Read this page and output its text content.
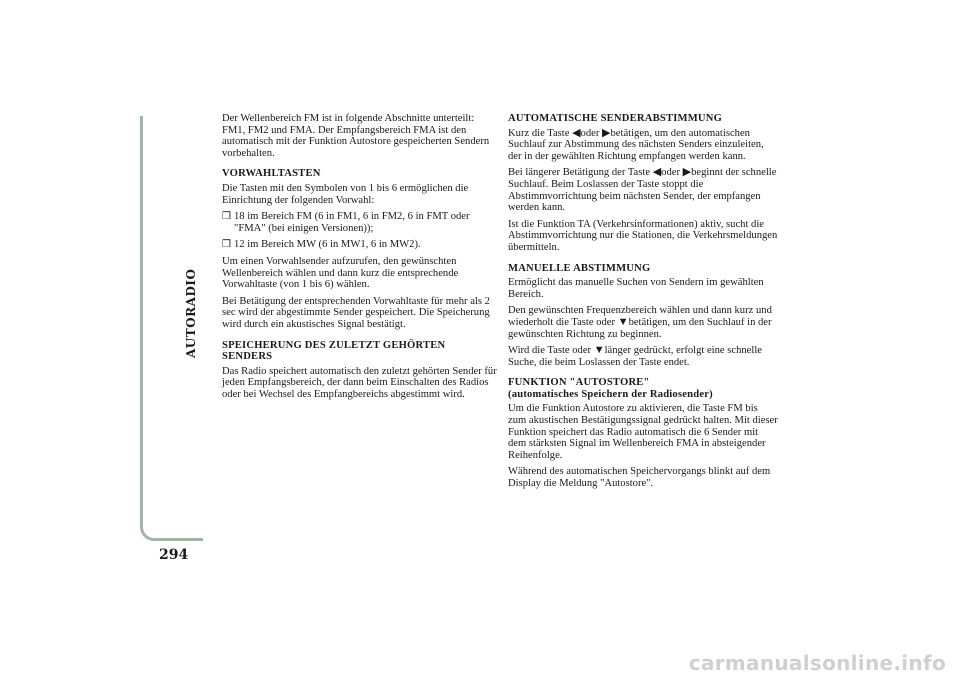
AUTORADIO
294

Der Wellenbereich FM ist in folgende Abschnitte unterteilt: FM1, FM2 und FMA. Der Empfangsbereich FMA ist den automatisch mit der Funktion Autostore gespeicherten Sendern vorbehalten.

VORWAHLTASTEN

Die Tasten mit den Symbolen von 1 bis 6 ermöglichen die Einrichtung der folgenden Vorwahl:

❒ 18 im Bereich FM (6 in FM1, 6 in FM2, 6 in FMT oder "FMA" (bei einigen Versionen));
❒ 12 im Bereich MW (6 in MW1, 6 in MW2).

Um einen Vorwahlsender aufzurufen, den gewünschten Wellenbereich wählen und dann kurz die entsprechende Vorwahltaste (von 1 bis 6) wählen.

Bei Betätigung der entsprechenden Vorwahltaste für mehr als 2 sec wird der abgestimmte Sender gespeichert. Die Speicherung wird durch ein akustisches Signal bestätigt.

SPEICHERUNG DES ZULETZT GEHÖRTEN SENDERS

Das Radio speichert automatisch den zuletzt gehörten Sender für jeden Empfangsbereich, der dann beim Einschalten des Radios oder bei Wechsel des Empfangbereichs abgestimmt wird.

AUTOMATISCHE SENDERABSTIMMUNG

Kurz die Taste ◀oder ▶betätigen, um den automatischen Suchlauf zur Abstimmung des nächsten Senders einzuleiten, der in der gewählten Richtung empfangen werden kann.

Bei längerer Betätigung der Taste ◀oder ▶beginnt der schnelle Suchlauf. Beim Loslassen der Taste stoppt die Abstimmvorrichtung beim nächsten Sender, der empfangen werden kann.

Ist die Funktion TA (Verkehrsinformationen) aktiv, sucht die Abstimmvorrichtung nur die Stationen, die Verkehrsmeldungen übermitteln.

MANUELLE ABSTIMMUNG

Ermöglicht das manuelle Suchen von Sendern im gewählten Bereich.

Den gewünschten Frequenzbereich wählen und dann kurz und wiederholt die Taste oder ▼betätigen, um den Suchlauf in der gewünschten Richtung zu beginnen.

Wird die Taste oder ▼länger gedrückt, erfolgt eine schnelle Suche, die beim Loslassen der Taste endet.

FUNKTION "AUTOSTORE"
(automatisches Speichern der Radiosender)

Um die Funktion Autostore zu aktivieren, die Taste FM bis zum akustischen Bestätigungssignal gedrückt halten. Mit dieser Funktion speichert das Radio automatisch die 6 Sender mit dem stärksten Signal im Wellenbereich FMA in absteigender Reihenfolge.

Während des automatischen Speichervorgangs blinkt auf dem Display die Meldung "Autostore".

carmanualsonline.info
